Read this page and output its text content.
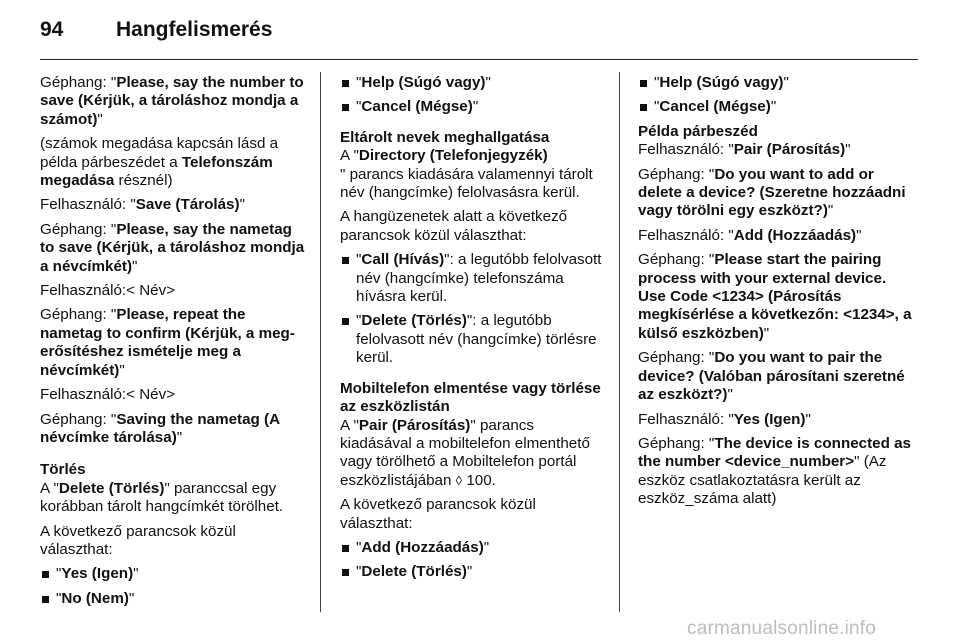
94	Hangfelismerés

Géphang: "Please, say the number to save (Kérjük, a tároláshoz mondja a számot)"

(számok megadása kapcsán lásd a példa párbeszédet a Telefonszám megadása résznél)

Felhasználó: "Save (Tárolás)"

Géphang: "Please, say the nametag to save (Kérjük, a tároláshoz mondja a névcímkét)"

Felhasználó:< Név>

Géphang: "Please, repeat the nametag to confirm (Kérjük, a meg-erősítéshez ismételje meg a névcímkét)"

Felhasználó:< Név>

Géphang: "Saving the nametag (A névcímke tárolása)"

Törlés

A "Delete (Törlés)" paranccsal egy korábban tárolt hangcímkét törölhet.

A következő parancsok közül választhat:

"Yes (Igen)"
"No (Nem)"
"Help (Súgó vagy)"
"Cancel (Mégse)"

Eltárolt nevek meghallgatása

A "Directory (Telefonjegyzék)
" parancs kiadására valamennyi tárolt név (hangcímke) felolvasásra kerül.

A hangüzenetek alatt a következő parancsok közül választhat:

"Call (Hívás)": a legutóbb felolvasott név (hangcímke) telefonszáma hívásra kerül.
"Delete (Törlés)": a legutóbb felolvasott név (hangcímke) törlésre kerül.

Mobiltelefon elmentése vagy törlése az eszközlistán

A "Pair (Párosítás)" parancs kiadásával a mobiltelefon elmenthető vagy törölhető a Mobiltelefon portál eszközlistájában ◊ 100.

A következő parancsok közül választhat:

"Add (Hozzáadás)"
"Delete (Törlés)"
"Help (Súgó vagy)"
"Cancel (Mégse)"

Példa párbeszéd

Felhasználó: "Pair (Párosítás)"

Géphang: "Do you want to add or delete a device? (Szeretne hozzáadni vagy törölni egy eszközt?)"

Felhasználó: "Add (Hozzáadás)"

Géphang: "Please start the pairing process with your external device. Use Code <1234> (Párosítás megkísérlése a következőn: <1234>, a külső eszközben)"

Géphang: "Do you want to pair the device? (Valóban párosítani szeretné az eszközt?)"

Felhasználó: "Yes (Igen)"

Géphang: "The device is connected as the number <device_number>" (Az eszköz csatlakoztatásra került az eszköz_száma alatt)

carmanualsonline.info
